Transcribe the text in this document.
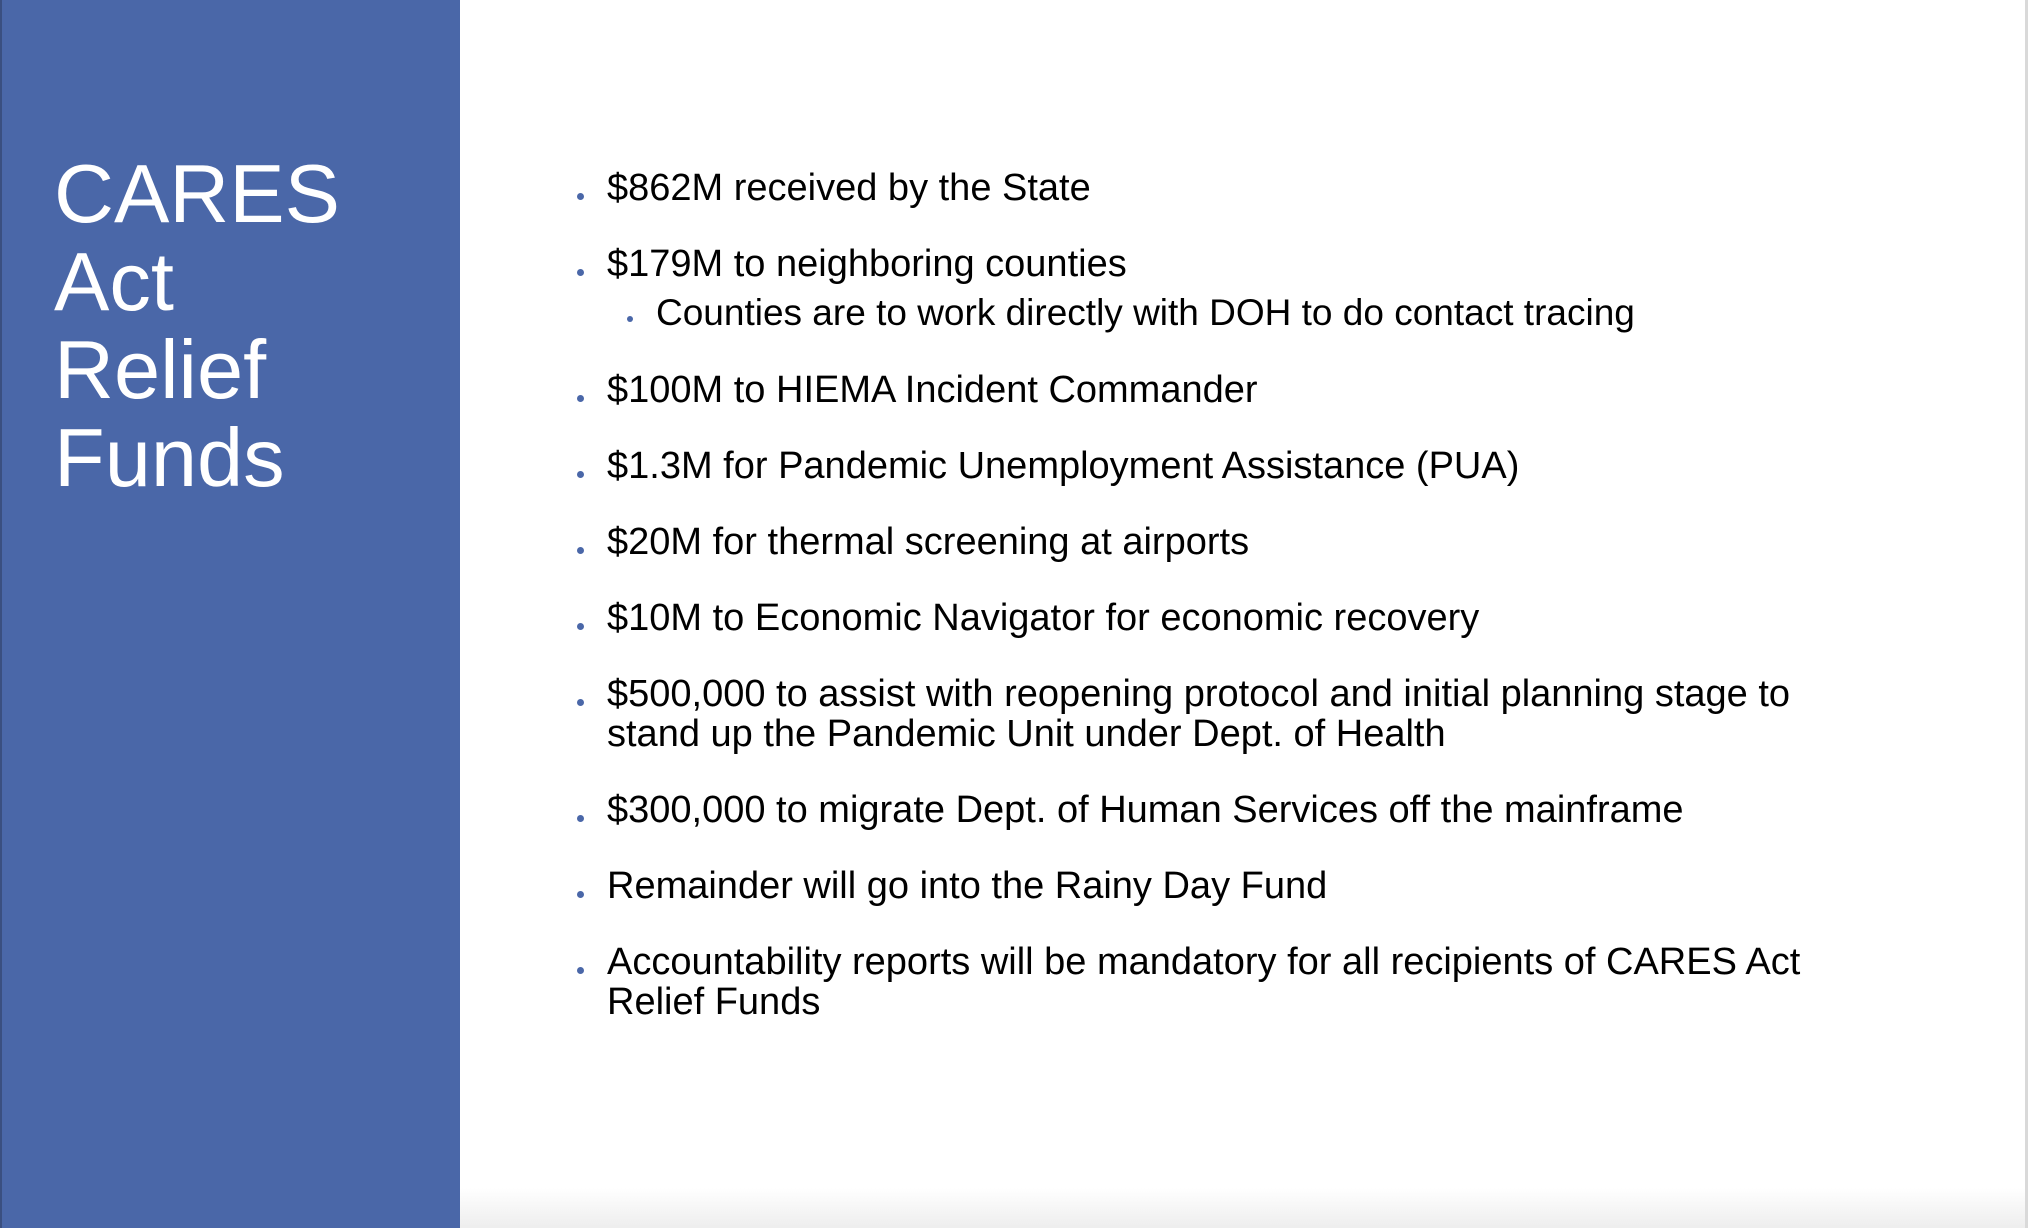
CARES
Act
Relief
Funds
$862M received by the State
$179M to neighboring counties
Counties are to work directly with DOH to do contact tracing
$100M to HIEMA Incident Commander
$1.3M for Pandemic Unemployment Assistance (PUA)
$20M for thermal screening at airports
$10M to Economic Navigator for economic recovery
$500,000 to assist with reopening protocol and initial planning stage to stand up the Pandemic Unit under Dept. of Health
$300,000 to migrate Dept. of Human Services off the mainframe
Remainder will go into the Rainy Day Fund
Accountability reports will be mandatory for all recipients of CARES Act Relief Funds
